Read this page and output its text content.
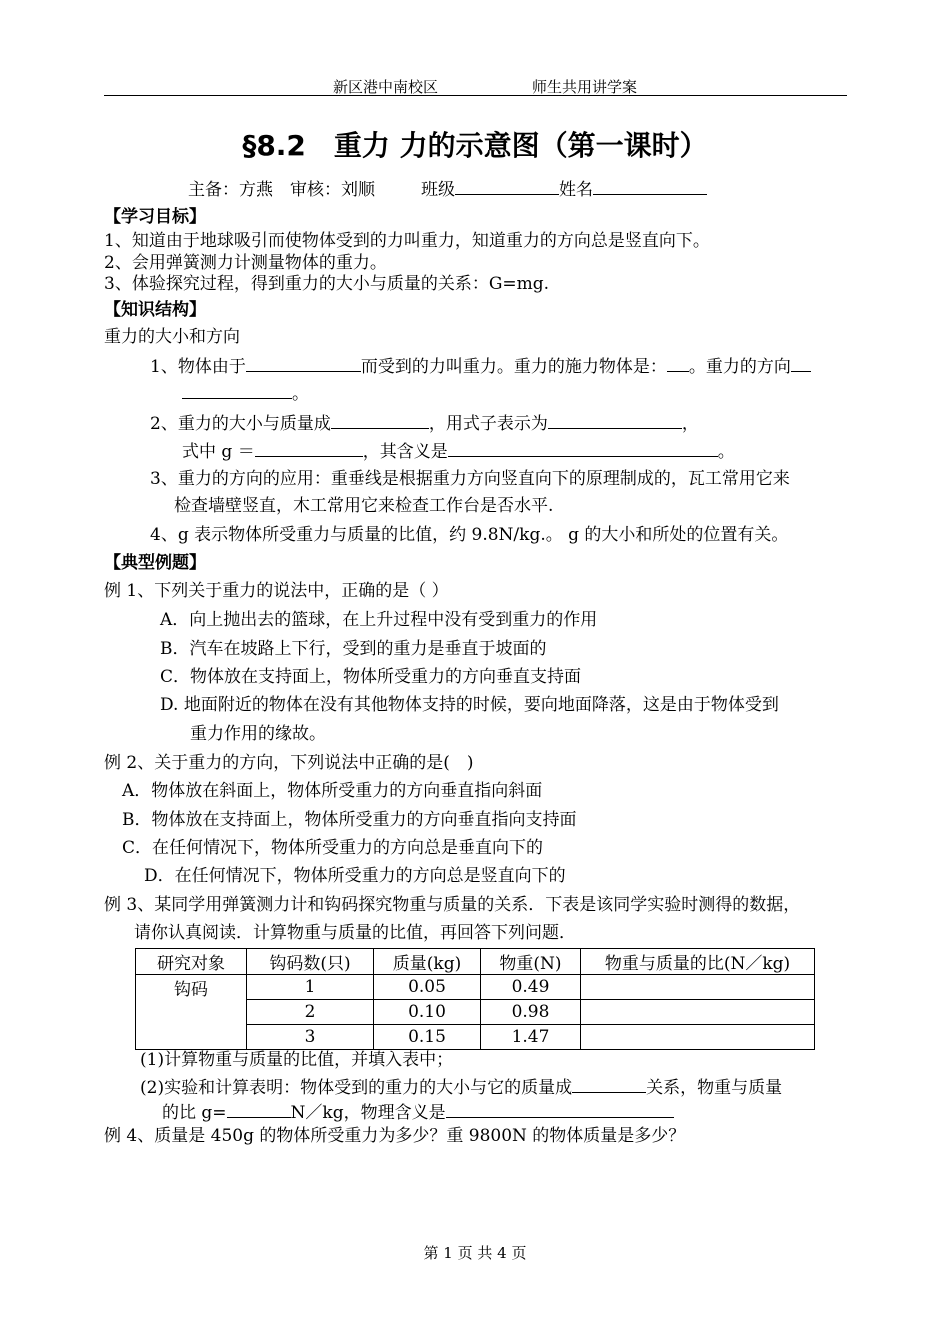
新区港中南校区	师生共用讲学案
§8.2　重力 力的示意图（第一课时）
主备：方燕　审核：刘顺	班级	姓名
【学习目标】
1、知道由于地球吸引而使物体受到的力叫重力，知道重力的方向总是竖直向下。
2、会用弹簧测力计测量物体的重力。
3、体验探究过程，得到重力的大小与质量的关系：G=mg.
【知识结构】
重力的大小和方向
1、物体由于	而受到的力叫重力。重力的施力物体是： 。重力的方向
。
2、重力的大小与质量成	，用式子表示为	，
式中 g ＝	，其含义是	。
3、重力的方向的应用：重垂线是根据重力方向竖直向下的原理制成的，瓦工常用它来
检查墙壁竖直，木工常用它来检查工作台是否水平.
4、g 表示物体所受重力与质量的比值，约 9.8N/kg.。 g 的大小和所处的位置有关。
【典型例题】
例 1、下列关于重力的说法中，正确的是（ ）
A．向上抛出去的篮球，在上升过程中没有受到重力的作用
B．汽车在坡路上下行，受到的重力是垂直于坡面的
C．物体放在支持面上，物体所受重力的方向垂直支持面
D. 地面附近的物体在没有其他物体支持的时候，要向地面降落，这是由于物体受到
重力作用的缘故。
例 2、关于重力的方向，下列说法中正确的是(　)
A．物体放在斜面上，物体所受重力的方向垂直指向斜面
B．物体放在支持面上，物体所受重力的方向垂直指向支持面
C．在任何情况下，物体所受重力的方向总是垂直向下的
D．在任何情况下，物体所受重力的方向总是竖直向下的
例 3、某同学用弹簧测力计和钩码探究物重与质量的关系．下表是该同学实验时测得的数据，
请你认真阅读．计算物重与质量的比值，再回答下列问题．
研究对象	钩码数(只)	质量(kg)	物重(N)	物重与质量的比(N／kg)
钩码	1	0.05	0.49	
	2	0.10	0.98	
	3	0.15	1.47	
(1)计算物重与质量的比值，并填入表中；
(2)实验和计算表明：物体受到的重力的大小与它的质量成	关系，物重与质量
的比 g=	N／kg，物理含义是
例 4、质量是 450g 的物体所受重力为多少？重 9800N 的物体质量是多少？
第 1 页 共 4 页
